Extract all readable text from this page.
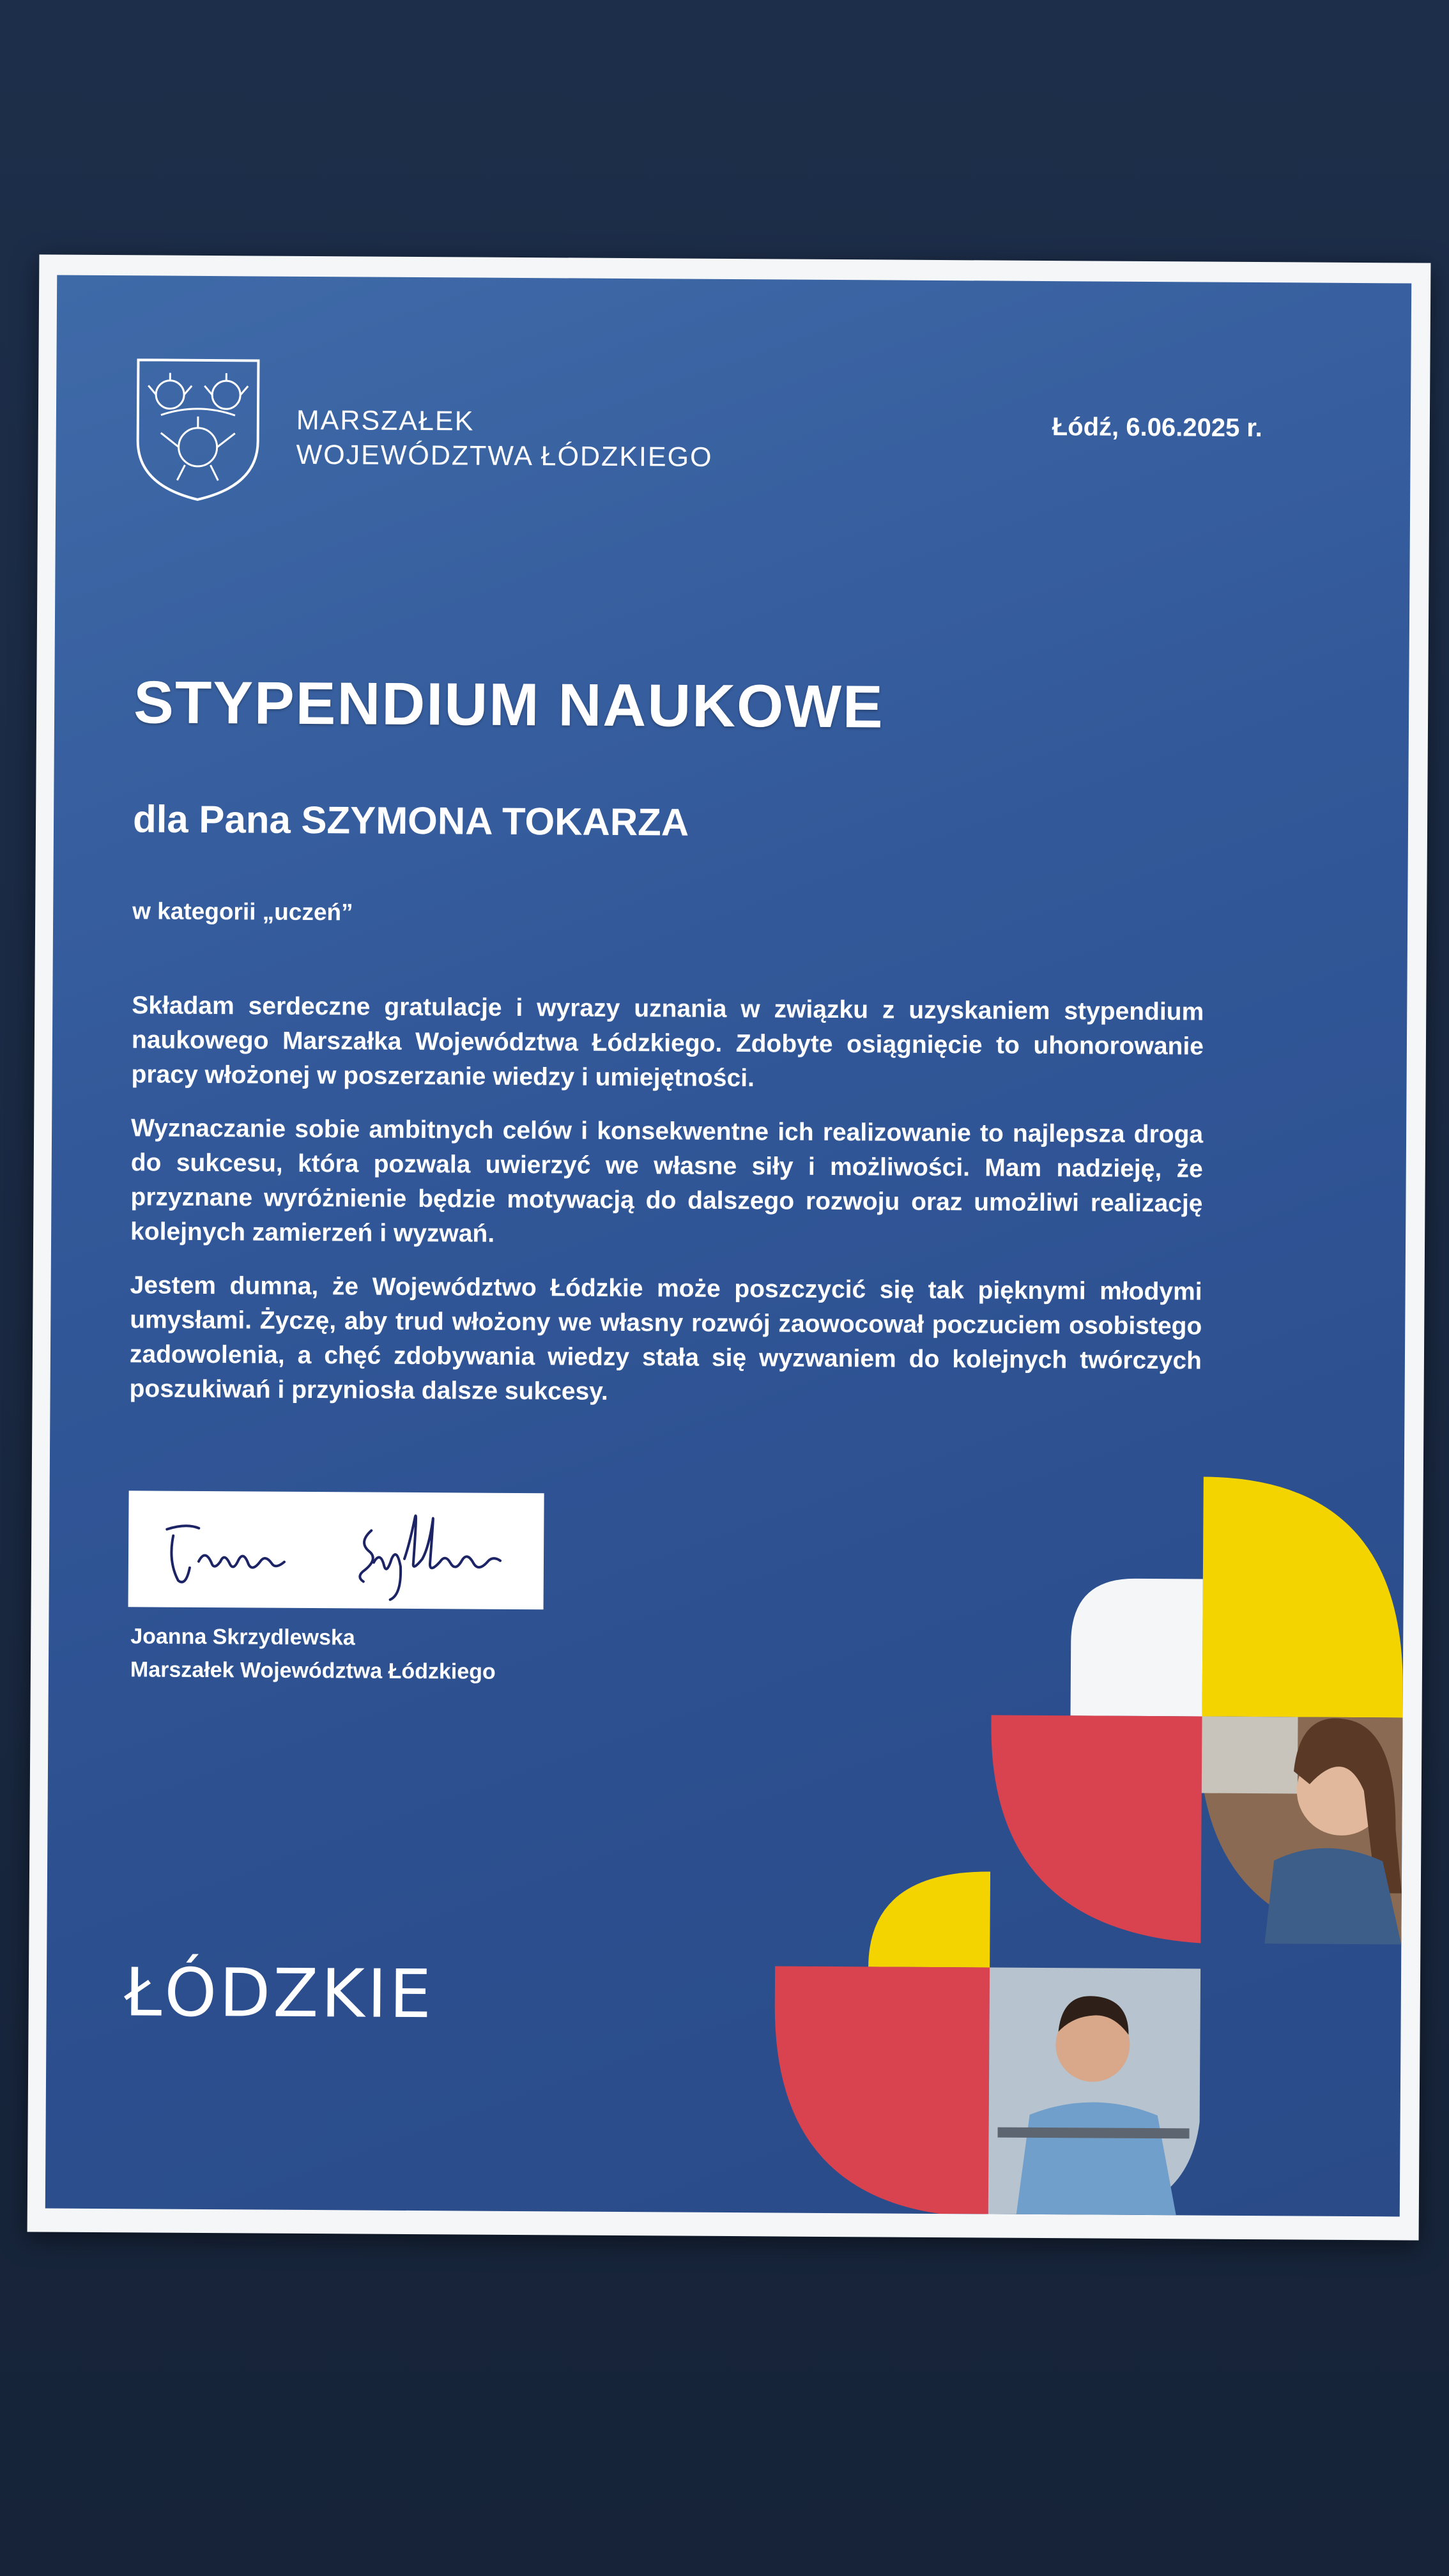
MARSZAŁEK
WOJEWÓDZTWA ŁÓDZKIEGO
Łódź, 6.06.2025 r.
STYPENDIUM NAUKOWE
dla Pana SZYMONA TOKARZA
w kategorii „uczeń”

Składam serdeczne gratulacje i wyrazy uznania w związku z uzyskaniem stypendium naukowego Marszałka Województwa Łódzkiego. Zdobyte osiągnięcie to uhonorowanie pracy włożonej w poszerzanie wiedzy i umiejętności.

Wyznaczanie sobie ambitnych celów i konsekwentne ich realizowanie to najlepsza droga do sukcesu, która pozwala uwierzyć we własne siły i możliwości. Mam nadzieję, że przyznane wyróżnienie będzie motywacją do dalszego rozwoju oraz umożliwi realizację kolejnych zamierzeń i wyzwań.

Jestem dumna, że Województwo Łódzkie może poszczycić się tak pięknymi młodymi umysłami. Życzę, aby trud włożony we własny rozwój zaowocował poczuciem osobistego zadowolenia, a chęć zdobywania wiedzy stała się wyzwaniem do kolejnych twórczych poszukiwań i przyniosła dalsze sukcesy.

Joanna Skrzydlewska
Marszałek Województwa Łódzkiego
ŁÓDZKIE
